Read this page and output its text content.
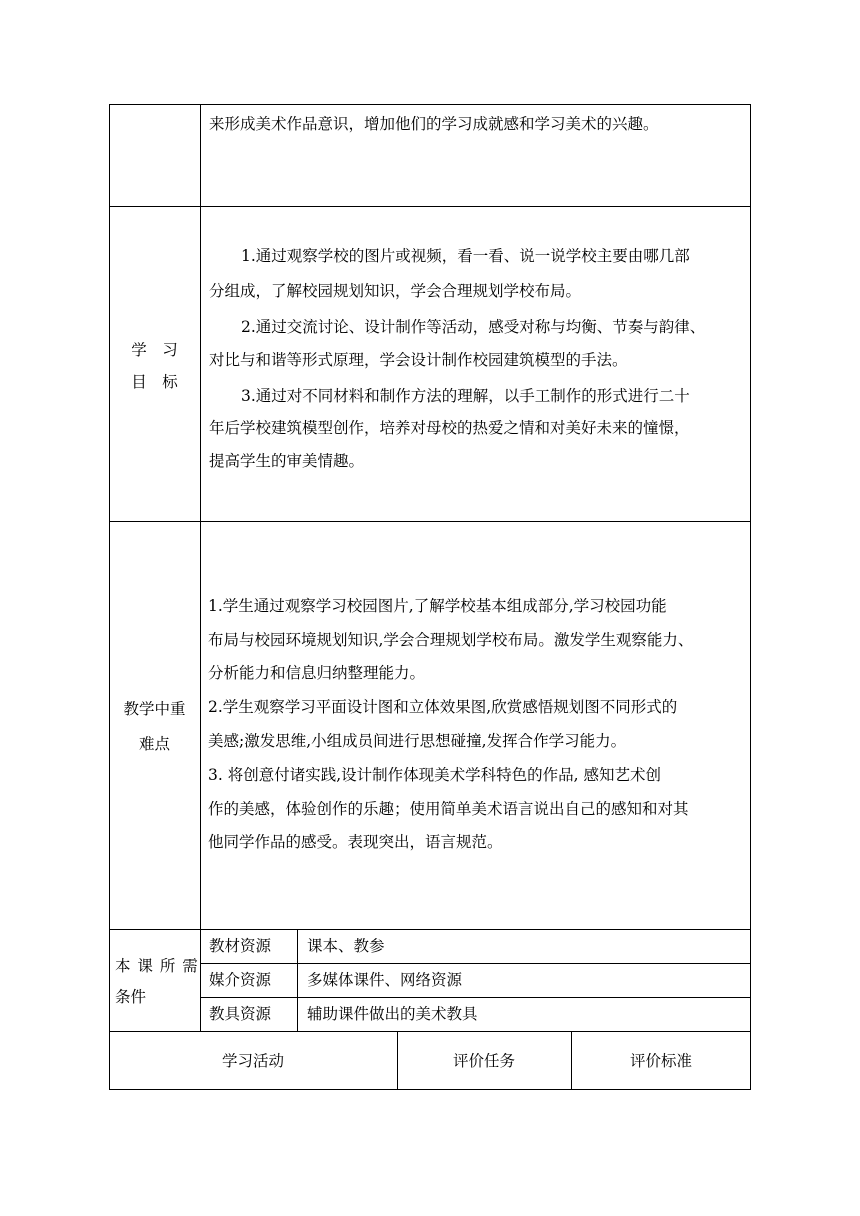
来形成美术作品意识，增加他们的学习成就感和学习美术的兴趣。
学　习
目　标
1.通过观察学校的图片或视频，看一看、说一说学校主要由哪几部
分组成，了解校园规划知识，学会合理规划学校布局。
2.通过交流讨论、设计制作等活动，感受对称与均衡、节奏与韵律、
对比与和谐等形式原理，学会设计制作校园建筑模型的手法。
3.通过对不同材料和制作方法的理解，以手工制作的形式进行二十
年后学校建筑模型创作，培养对母校的热爱之情和对美好未来的憧憬，
提高学生的审美情趣。
教学中重
难点
1.学生通过观察学习校园图片,了解学校基本组成部分,学习校园功能
布局与校园环境规划知识,学会合理规划学校布局。激发学生观察能力、
分析能力和信息归纳整理能力。
2.学生观察学习平面设计图和立体效果图,欣赏感悟规划图不同形式的
美感;激发思维,小组成员间进行思想碰撞,发挥合作学习能力。
3. 将创意付诸实践,设计制作体现美术学科特色的作品, 感知艺术创
作的美感，体验创作的乐趣；使用简单美术语言说出自己的感知和对其
他同学作品的感受。表现突出，语言规范。
本 课 所 需
条件
教材资源 课本、教参
媒介资源 多媒体课件、网络资源
教具资源 辅助课件做出的美术教具
学习活动	评价任务	评价标准
